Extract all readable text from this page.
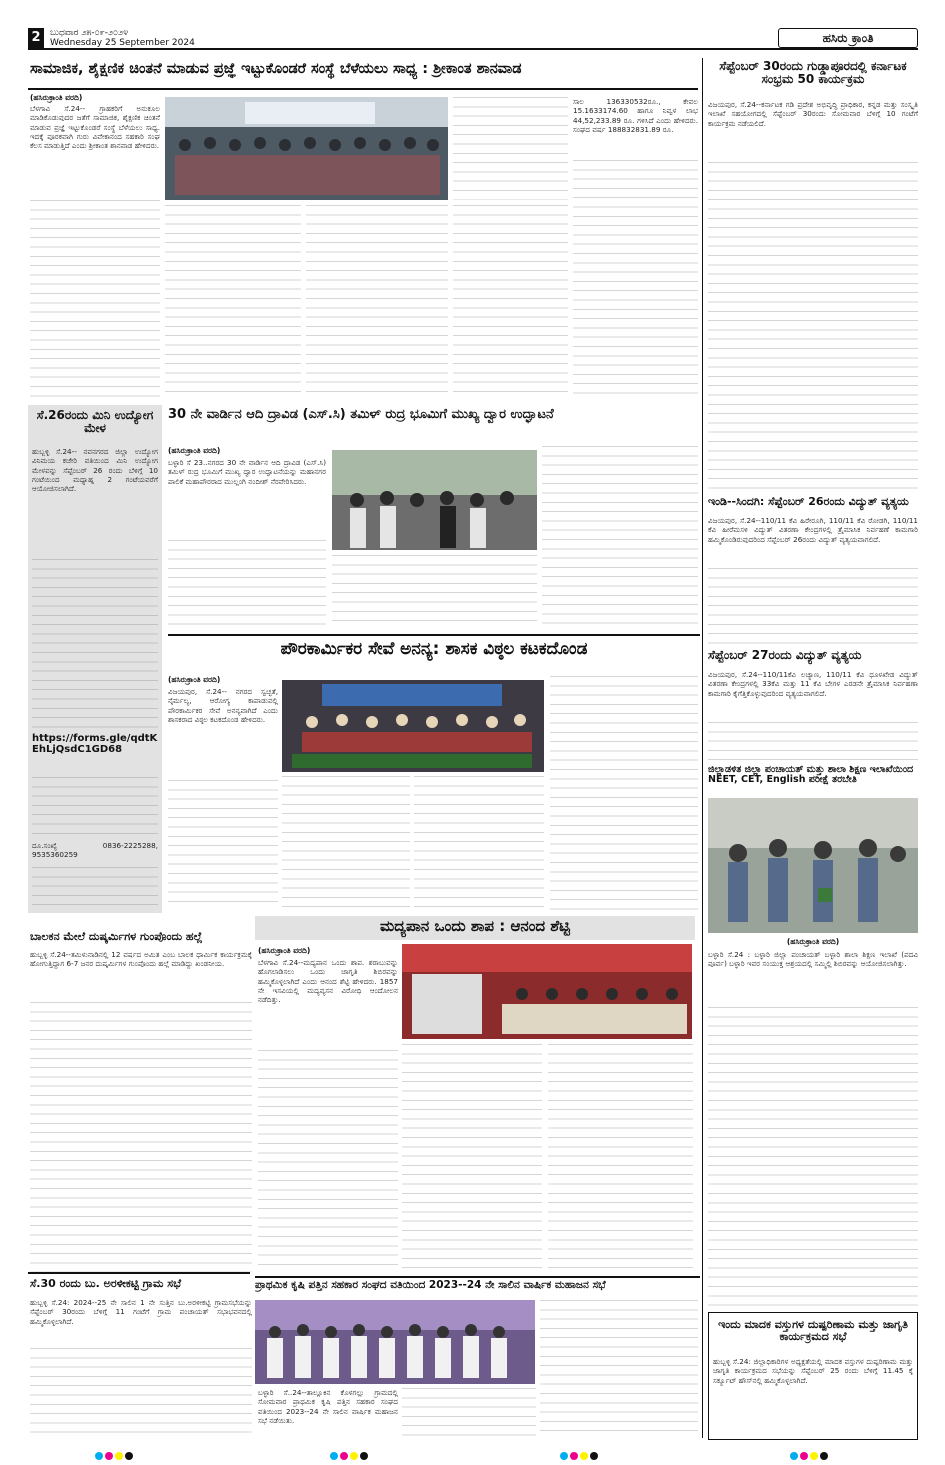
2	ಬುಧವಾರ ೨೫-೦೯-೨೦೨೪
Wednesday 25 September 2024	ಹಸಿರು ಕ್ರಾಂತಿ
ಸಾಮಾಜಿಕ, ಶೈಕ್ಷಣಿಕ ಚಿಂತನೆ ಮಾಡುವ ಪ್ರಜ್ಞೆ ಇಟ್ಟುಕೊಂಡರೆ ಸಂಸ್ಥೆ ಬೆಳೆಯಲು ಸಾಧ್ಯ : ಶ್ರೀಕಾಂತ ಶಾನವಾಡ
(ಹಸಿರುಕ್ರಾಂತಿ ವರದಿ)
ಬೆಳಗಾವಿ ಸೆ.24-- ಗ್ರಾಹಕರಿಗೆ ಅನುಕೂಲ ಮಾಡಿಕೊಡುವುದರ ಜತೆಗೆ ಸಾಮಾಜಿಕ, ಶೈಕ್ಷಣಿಕ ಚಿಂತನೆ ಮಾಡುವ ಪ್ರಜ್ಞೆ ಇಟ್ಟುಕೊಂಡರೆ ಸಂಸ್ಥೆ ಬೆಳೆಯಲು ಸಾಧ್ಯ. ಇದಕ್ಕೆ ಪೂರಕವಾಗಿ ಗುರು ವಿವೇಕಾನಂದ ಸಹಕಾರಿ ಸಂಘ ಕೆಲಸ ಮಾಡುತ್ತಿದೆ ಎಂದು ಶ್ರೀಕಾಂತ ಶಾನವಾಡ ಹೇಳಿದರು.
ಸಾಲ 136330532ರೂ., ಕೇವಲ 15.1633174.60 ಹಾಗೂ ನಿವ್ವಳ ಲಾಭ 44,52,233.89 ರೂ. ಗಳಿಸಿದೆ ಎಂದು ಹೇಳಿದರು. ಸಂಘದ ವರ್ಷ 188832831.89 ರೂ.
ಸೆಪ್ಟೆಂಬರ್ 30ರಂದು ಗುಡ್ಡಾಪೂರದಲ್ಲಿ ಕರ್ನಾಟಕ ಸಂಭ್ರಮ 50 ಕಾರ್ಯಕ್ರಮ
ವಿಜಯಪುರ, ಸೆ.24--ಕರ್ನಾಟಕ ಗಡಿ ಪ್ರದೇಶ ಅಭಿವೃದ್ಧಿ ಪ್ರಾಧಿಕಾರ, ಕನ್ನಡ ಮತ್ತು ಸಂಸ್ಕೃತಿ ಇಲಾಖೆ ಸಹಯೋಗದಲ್ಲಿ ಸೆಪ್ಟೆಂಬರ್ 30ರಂದು ಸೋಮವಾರ ಬೆಳಿಗ್ಗೆ 10 ಗಂಟೆಗೆ ಕಾರ್ಯಕ್ರಮ ನಡೆಯಲಿದೆ.
ಇಂಡಿ--ಸಿಂದಗಿ: ಸೆಪ್ಟೆಂಬರ್ 26ರಂದು ವಿದ್ಯುತ್ ವ್ಯತ್ಯಯ
ವಿಜಯಪುರ, ಸೆ.24--110/11 ಕೆವಿ ಹಿರೇರೂಗಿ, 110/11 ಕೆವಿ ರೋಡಗಿ, 110/11 ಕೆವಿ ಹೀರೆಮಸಳಿ ವಿದ್ಯುತ್ ವಿತರಣಾ ಕೇಂದ್ರಗಳಲ್ಲಿ ತ್ರೈಮಾಸಿಕ ನಿರ್ವಹಣೆ ಕಾಮಗಾರಿ ಹಮ್ಮಿಕೊಂಡಿರುವುದರಿಂದ ಸೆಪ್ಟೆಂಬರ್ 26ರಂದು ವಿದ್ಯುತ್ ವ್ಯತ್ಯಯವಾಗಲಿದೆ.
ಸೆಪ್ಟೆಂಬರ್ 27ರಂದು ವಿದ್ಯುತ್ ವ್ಯತ್ಯಯ
ವಿಜಯಪುರ, ಸೆ.24--110/11ಕೆವಿ ಲಚ್ಯಾಣ, 110/11 ಕೆವಿ ಧೂಳಖೇಡ ವಿದ್ಯುತ್ ವಿತರಣಾ ಕೇಂದ್ರಗಳಲ್ಲಿ 33ಕೆವಿ ಮತ್ತು 11 ಕೆವಿ ಬೇಗಳ ಎರಡನೇ ತ್ರೈಮಾಸಿಕ ನಿರ್ವಹಣಾ ಕಾಮಗಾರಿ ಕೈಗೆತ್ತಿಕೊಳ್ಳುವುದರಿಂದ ವ್ಯತ್ಯಯವಾಗಲಿದೆ.
ಜಿಲ್ಲಾಡಳಿತ ಜಿಲ್ಲಾ ಪಂಚಾಯತ್ ಮತ್ತು ಶಾಲಾ ಶಿಕ್ಷಣ ಇಲಾಖೆಯಿಂದ NEET, CET, English ಪರೀಕ್ಷೆ ತರಬೇತಿ
(ಹಸಿರುಕ್ರಾಂತಿ ವರದಿ)
ಬಳ್ಳಾರಿ ಸೆ.24 : ಬಳ್ಳಾರಿ ಜಿಲ್ಲಾ ಪಂಚಾಯತ್ ಬಳ್ಳಾರಿ ಶಾಲಾ ಶಿಕ್ಷಣ ಇಲಾಖೆ (ಪದವಿ ಪೂರ್ವ) ಬಳ್ಳಾರಿ ಇವರ ಸಂಯುಕ್ತ ಆಶ್ರಯದಲ್ಲಿ ಸಮ್ಮಿಲ್ಲಿ ಶಿಬಿರವನ್ನು ಆಯೋಜಿಸಲಾಗಿತ್ತು.
ಇಂದು ಮಾದಕ ವಸ್ತುಗಳ ದುಷ್ಪರಿಣಾಮ ಮತ್ತು ಜಾಗೃತಿ ಕಾರ್ಯಕ್ರಮದ ಸಭೆ
ಹುಬ್ಬಳ್ಳಿ ಸೆ.24: ಜಿಲ್ಲಾಧಿಕಾರಿಗಳ ಅಧ್ಯಕ್ಷತೆಯಲ್ಲಿ ಮಾದಕ ವಸ್ತುಗಳ ದುಷ್ಪರಿಣಾಮ ಮತ್ತು ಜಾಗೃತಿ ಕಾರ್ಯಕ್ರಮದ ಸಭೆಯನ್ನು ಸೆಪ್ಟೆಂಬರ್ 25 ರಂದು ಬೆಳಿಗ್ಗೆ 11.45 ಕ್ಕೆ ಸರ್ಕ್ಯೂಟ್ ಹೌಸ್‌ನಲ್ಲಿ ಹಮ್ಮಿಕೊಳ್ಳಲಾಗಿದೆ.
ಸೆ.26ರಂದು ಮಿನಿ ಉದ್ಯೋಗ ಮೇಳ
ಹುಬ್ಬಳ್ಳಿ ಸೆ.24-- ನವನಗರದ ಜಿಲ್ಲಾ ಉದ್ಯೋಗ ವಿನಿಮಯ ಕಚೇರಿ ವತಿಯಿಂದ ಮಿನಿ ಉದ್ಯೋಗ ಮೇಳವನ್ನು ಸೆಪ್ಟೆಂಬರ್ 26 ರಂದು ಬೆಳಿಗ್ಗೆ 10 ಗಂಟೆಯಿಂದ ಮಧ್ಯಾಹ್ನ 2 ಗಂಟೆಯವರೆಗೆ ಆಯೋಜಿಸಲಾಗಿದೆ.
https://forms.gle/qdtKEhLjQsdC1GD68
ದೂ.ಸಂಖ್ಯೆ 0836-2225288, 9535360259
30 ನೇ ವಾರ್ಡಿನ ಆದಿ ದ್ರಾವಿಡ (ಎಸ್.ಸಿ) ತಮಿಳ್ ರುದ್ರ ಭೂಮಿಗೆ ಮುಖ್ಯ ದ್ವಾರ ಉದ್ಘಾಟನೆ
(ಹಸಿರುಕ್ರಾಂತಿ ವರದಿ)
ಬಳ್ಳಾರಿ ಸೆ 23..ನಗರದ 30 ನೇ ವಾರ್ಡಿನ ಆದಿ ದ್ರಾವಿಡ (ಎಸ್.ಸಿ) ತಮಿಳ್ ರುದ್ರ ಭೂಮಿಗೆ ಮುಖ್ಯ ದ್ವಾರ ಉದ್ಘಾಟನೆಯನ್ನು ಮಹಾನಗರ ಪಾಲಿಕೆ ಮಹಾಪೌರರಾದ ಮುಲ್ಲಂಗಿ ನಂದೀಶ್ ನೆರವೇರಿಸಿದರು.
ಪೌರಕಾರ್ಮಿಕರ ಸೇವೆ ಅನನ್ಯ: ಶಾಸಕ ವಿಠ್ಠಲ ಕಟಕದೊಂಡ
(ಹಸಿರುಕ್ರಾಂತಿ ವರದಿ)
ವಿಜಯಪುರ, ಸೆ.24-- ನಗರದ ಸ್ವಚ್ಛತೆ, ನೈರ್ಮಲ್ಯ, ಆರೋಗ್ಯ ಕಾಪಾಡುವಲ್ಲಿ ಪೌರಕಾರ್ಮಿಕರ ಸೇವೆ ಅನನ್ಯವಾಗಿದೆ ಎಂದು ಶಾಸಕರಾದ ವಿಠ್ಠಲ ಕಟಕದೊಂಡ ಹೇಳಿದರು.
ಬಾಲಕನ ಮೇಲೆ ದುಷ್ಕರ್ಮಿಗಳ ಗುಂಪೊಂದು ಹಲ್ಲೆ
ಹುಬ್ಬಳ್ಳಿ ಸೆ.24--ತಮಿಳುನಾಡಿನಲ್ಲಿ 12 ವರ್ಷದ ಅಮಿತ ಎಂಬ ಬಾಲಕ ಧಾರ್ಮಿಕ ಕಾರ್ಯಕ್ರಮಕ್ಕೆ ಹೋಗುತ್ತಿದ್ದಾಗ 6-7 ಜನರ ದುಷ್ಕರ್ಮಿಗಳ ಗುಂಪೊಂದು ಹಲ್ಲೆ ಮಾಡಿದ್ದು ಖಂಡನೀಯ.
ಮದ್ಯಪಾನ ಒಂದು ಶಾಪ : ಆನಂದ ಶೆಟ್ಟಿ
(ಹಸಿರುಕ್ರಾಂತಿ ವರದಿ)
ಬೆಳಗಾವಿ ಸೆ.24--ಮದ್ಯಪಾನ ಒಂದು ಶಾಪ. ಶರಾಬುವನ್ನು ಹೊಗಲಾಡಿಸಲು ಒಂದು ಜಾಗೃತಿ ಶಿಬಿರವನ್ನು ಹಮ್ಮಿಕೊಳ್ಳಲಾಗಿದೆ ಎಂದು ಆನಂದ ಶೆಟ್ಟಿ ಹೇಳಿದರು. 1857 ನೇ ಇಸವಿಯಲ್ಲಿ ಮದ್ಯವ್ಯಸನ ವಿರೋಧಿ ಆಂದೋಲನ ನಡೆದಿತ್ತು.
ಸೆ.30 ರಂದು ಬು. ಅರಳೀಕಟ್ಟಿ ಗ್ರಾಮ ಸಭೆ
ಹುಬ್ಬಳ್ಳಿ ಸೆ.24: 2024--25 ನೇ ಸಾಲಿನ 1 ನೇ ಸುತ್ತಿನ ಬು.ಅರಳೀಕಟ್ಟಿ ಗ್ರಾಮಸಭೆಯನ್ನು ಸೆಪ್ಟೆಂಬರ್ 30ರಂದು ಬೆಳಿಗ್ಗೆ 11 ಗಂಟೆಗೆ ಗ್ರಾಮ ಪಂಚಾಯತ್ ಸಭಾಭವನದಲ್ಲಿ ಹಮ್ಮಿಕೊಳ್ಳಲಾಗಿದೆ.
ಪ್ರಾಥಮಿಕ ಕೃಷಿ ಪತ್ತಿನ ಸಹಕಾರ ಸಂಘದ ವತಿಯಿಂದ 2023--24 ನೇ ಸಾಲಿನ ವಾರ್ಷಿಕ ಮಹಾಜನ ಸಭೆ
ಬಳ್ಳಾರಿ ಸೆ..24--ತಾಲ್ಲೂಕಿನ ಕೊಳಗಲ್ಲು ಗ್ರಾಮದಲ್ಲಿ ಸೋಮವಾರ ಪ್ರಾಥಮಿಕ ಕೃಷಿ ಪತ್ತಿನ ಸಹಕಾರ ಸಂಘದ ವತಿಯಿಂದ 2023--24 ನೇ ಸಾಲಿನ ವಾರ್ಷಿಕ ಮಹಾಜನ ಸಭೆ ನಡೆಯಿತು.
